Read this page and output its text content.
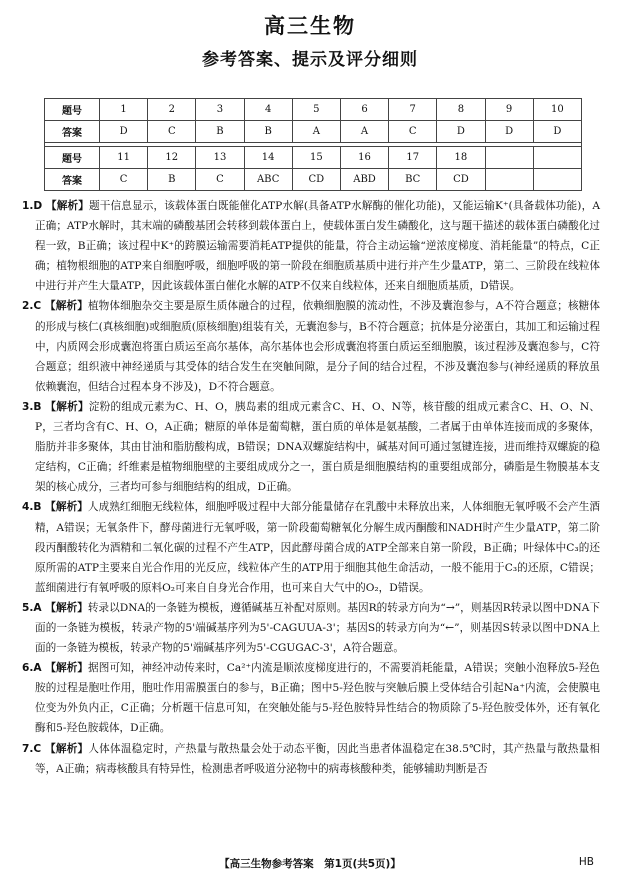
高三生物
参考答案、提示及评分细则
题号	1	2	3	4	5	6	7	8	9	10
答案	D	C	B	B	A	A	C	D	D	D

题号	11	12	13	14	15	16	17	18		
答案	C	B	C	ABC	CD	ABD	BC	CD		

1.D 【解析】题干信息显示，该载体蛋白既能催化ATP水解(具备ATP水解酶的催化功能)，又能运输K⁺(具备载体功能)，A正确；ATP水解时，其末端的磷酸基团会转移到载体蛋白上，使载体蛋白发生磷酸化，这与题干描述的载体蛋白磷酸化过程一致，B正确；该过程中K⁺的跨膜运输需要消耗ATP提供的能量，符合主动运输“逆浓度梯度、消耗能量”的特点，C正确；植物根细胞的ATP来自细胞呼吸，细胞呼吸的第一阶段在细胞质基质中进行并产生少量ATP，第二、三阶段在线粒体中进行并产生大量ATP，因此该载体蛋白催化水解的ATP不仅来自线粒体，还来自细胞质基质，D错误。

2.C 【解析】植物体细胞杂交主要是原生质体融合的过程，依赖细胞膜的流动性，不涉及囊泡参与，A不符合题意；核糖体的形成与核仁(真核细胞)或细胞质(原核细胞)组装有关，无囊泡参与，B不符合题意；抗体是分泌蛋白，其加工和运输过程中，内质网会形成囊泡将蛋白质运至高尔基体，高尔基体也会形成囊泡将蛋白质运至细胞膜，该过程涉及囊泡参与，C符合题意；组织液中神经递质与其受体的结合发生在突触间隙，是分子间的结合过程，不涉及囊泡参与(神经递质的释放虽依赖囊泡，但结合过程本身不涉及)，D不符合题意。

3.B 【解析】淀粉的组成元素为C、H、O，胰岛素的组成元素含C、H、O、N等，核苷酸的组成元素含C、H、O、N、P，三者均含有C、H、O，A正确；糖原的单体是葡萄糖，蛋白质的单体是氨基酸，二者属于由单体连接而成的多聚体，脂肪并非多聚体，其由甘油和脂肪酸构成，B错误；DNA双螺旋结构中，碱基对间可通过氢键连接，进而维持双螺旋的稳定结构，C正确；纤维素是植物细胞壁的主要组成成分之一，蛋白质是细胞膜结构的重要组成部分，磷脂是生物膜基本支架的核心成分，三者均可参与细胞结构的组成，D正确。

4.B 【解析】人成熟红细胞无线粒体，细胞呼吸过程中大部分能量储存在乳酸中未释放出来，人体细胞无氧呼吸不会产生酒精，A错误；无氧条件下，酵母菌进行无氧呼吸，第一阶段葡萄糖氧化分解生成丙酮酸和NADH时产生少量ATP，第二阶段丙酮酸转化为酒精和二氧化碳的过程不产生ATP，因此酵母菌合成的ATP全部来自第一阶段，B正确；叶绿体中C₃的还原所需的ATP主要来自光合作用的光反应，线粒体产生的ATP用于细胞其他生命活动，一般不能用于C₃的还原，C错误；蓝细菌进行有氧呼吸的原料O₂可来自自身光合作用，也可来自大气中的O₂，D错误。

5.A 【解析】转录以DNA的一条链为模板，遵循碱基互补配对原则。基因R的转录方向为“→”，则基因R转录以图中DNA下面的一条链为模板，转录产物的5'端碱基序列为5'-CAGUUA-3'；基因S的转录方向为“←”，则基因S转录以图中DNA上面的一条链为模板，转录产物的5'端碱基序列为5'-CGUGAC-3'，A符合题意。

6.A 【解析】据图可知，神经冲动传来时，Ca²⁺内流是顺浓度梯度进行的，不需要消耗能量，A错误；突触小泡释放5-羟色胺的过程是胞吐作用，胞吐作用需膜蛋白的参与，B正确；图中5-羟色胺与突触后膜上受体结合引起Na⁺内流，会使膜电位变为外负内正，C正确；分析题干信息可知，在突触处能与5-羟色胺特异性结合的物质除了5-羟色胺受体外，还有氧化酶和5-羟色胺载体，D正确。

7.C 【解析】人体体温稳定时，产热量与散热量会处于动态平衡，因此当患者体温稳定在38.5℃时，其产热量与散热量相等，A正确；病毒核酸具有特异性，检测患者呼吸道分泌物中的病毒核酸种类，能够辅助判断是否

【高三生物参考答案　第1页(共5页)】	HB
